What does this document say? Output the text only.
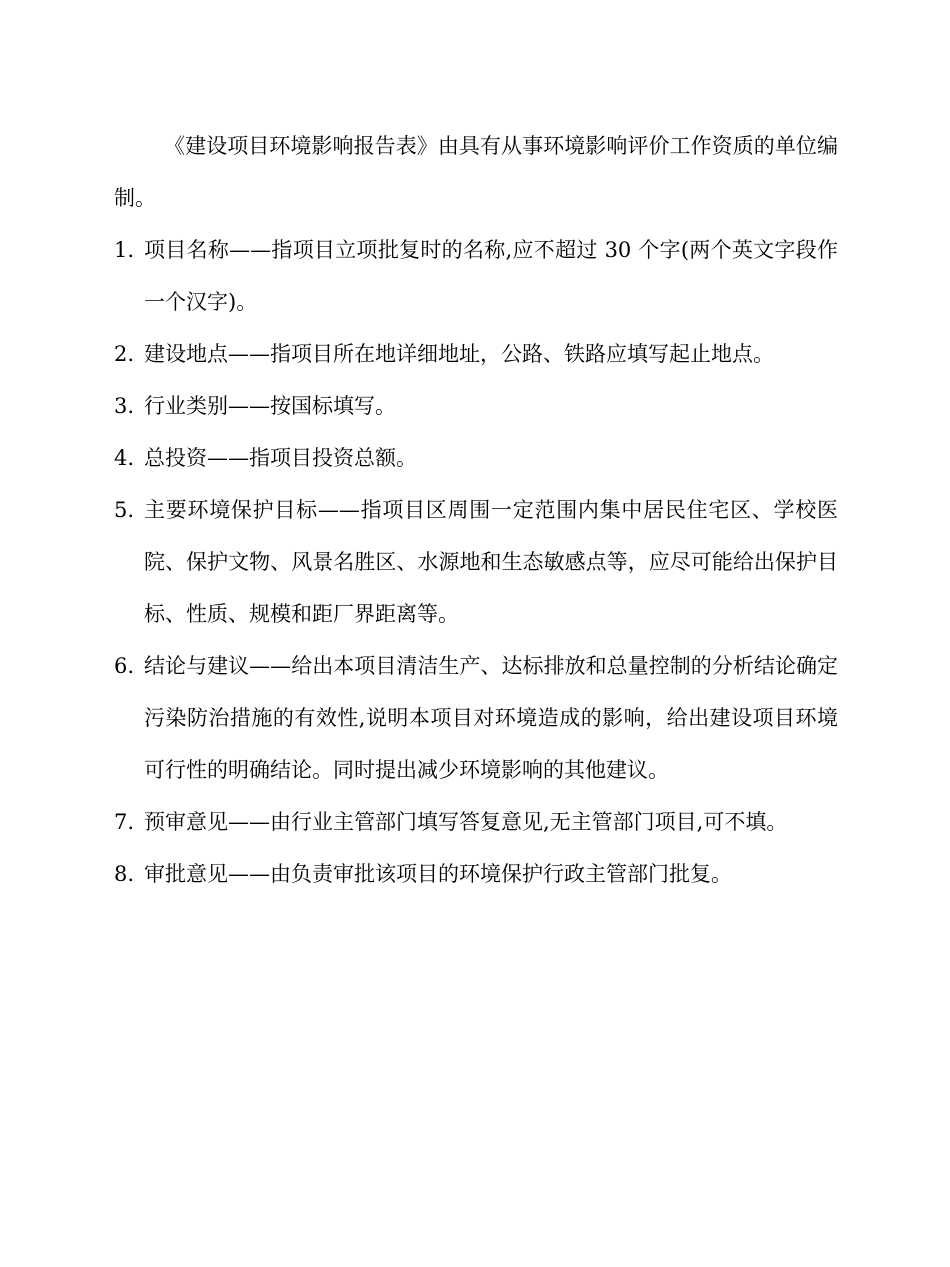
《建设项目环境影响报告表》由具有从事环境影响评价工作资质的单位编制。

1. 项目名称——指项目立项批复时的名称,应不超过 30 个字(两个英文字段作一个汉字)。
2. 建设地点——指项目所在地详细地址，公路、铁路应填写起止地点。
3. 行业类别——按国标填写。
4. 总投资——指项目投资总额。
5. 主要环境保护目标——指项目区周围一定范围内集中居民住宅区、学校医院、保护文物、风景名胜区、水源地和生态敏感点等，应尽可能给出保护目标、性质、规模和距厂界距离等。
6. 结论与建议——给出本项目清洁生产、达标排放和总量控制的分析结论确定污染防治措施的有效性,说明本项目对环境造成的影响，给出建设项目环境可行性的明确结论。同时提出减少环境影响的其他建议。
7. 预审意见——由行业主管部门填写答复意见,无主管部门项目,可不填。
8. 审批意见——由负责审批该项目的环境保护行政主管部门批复。
